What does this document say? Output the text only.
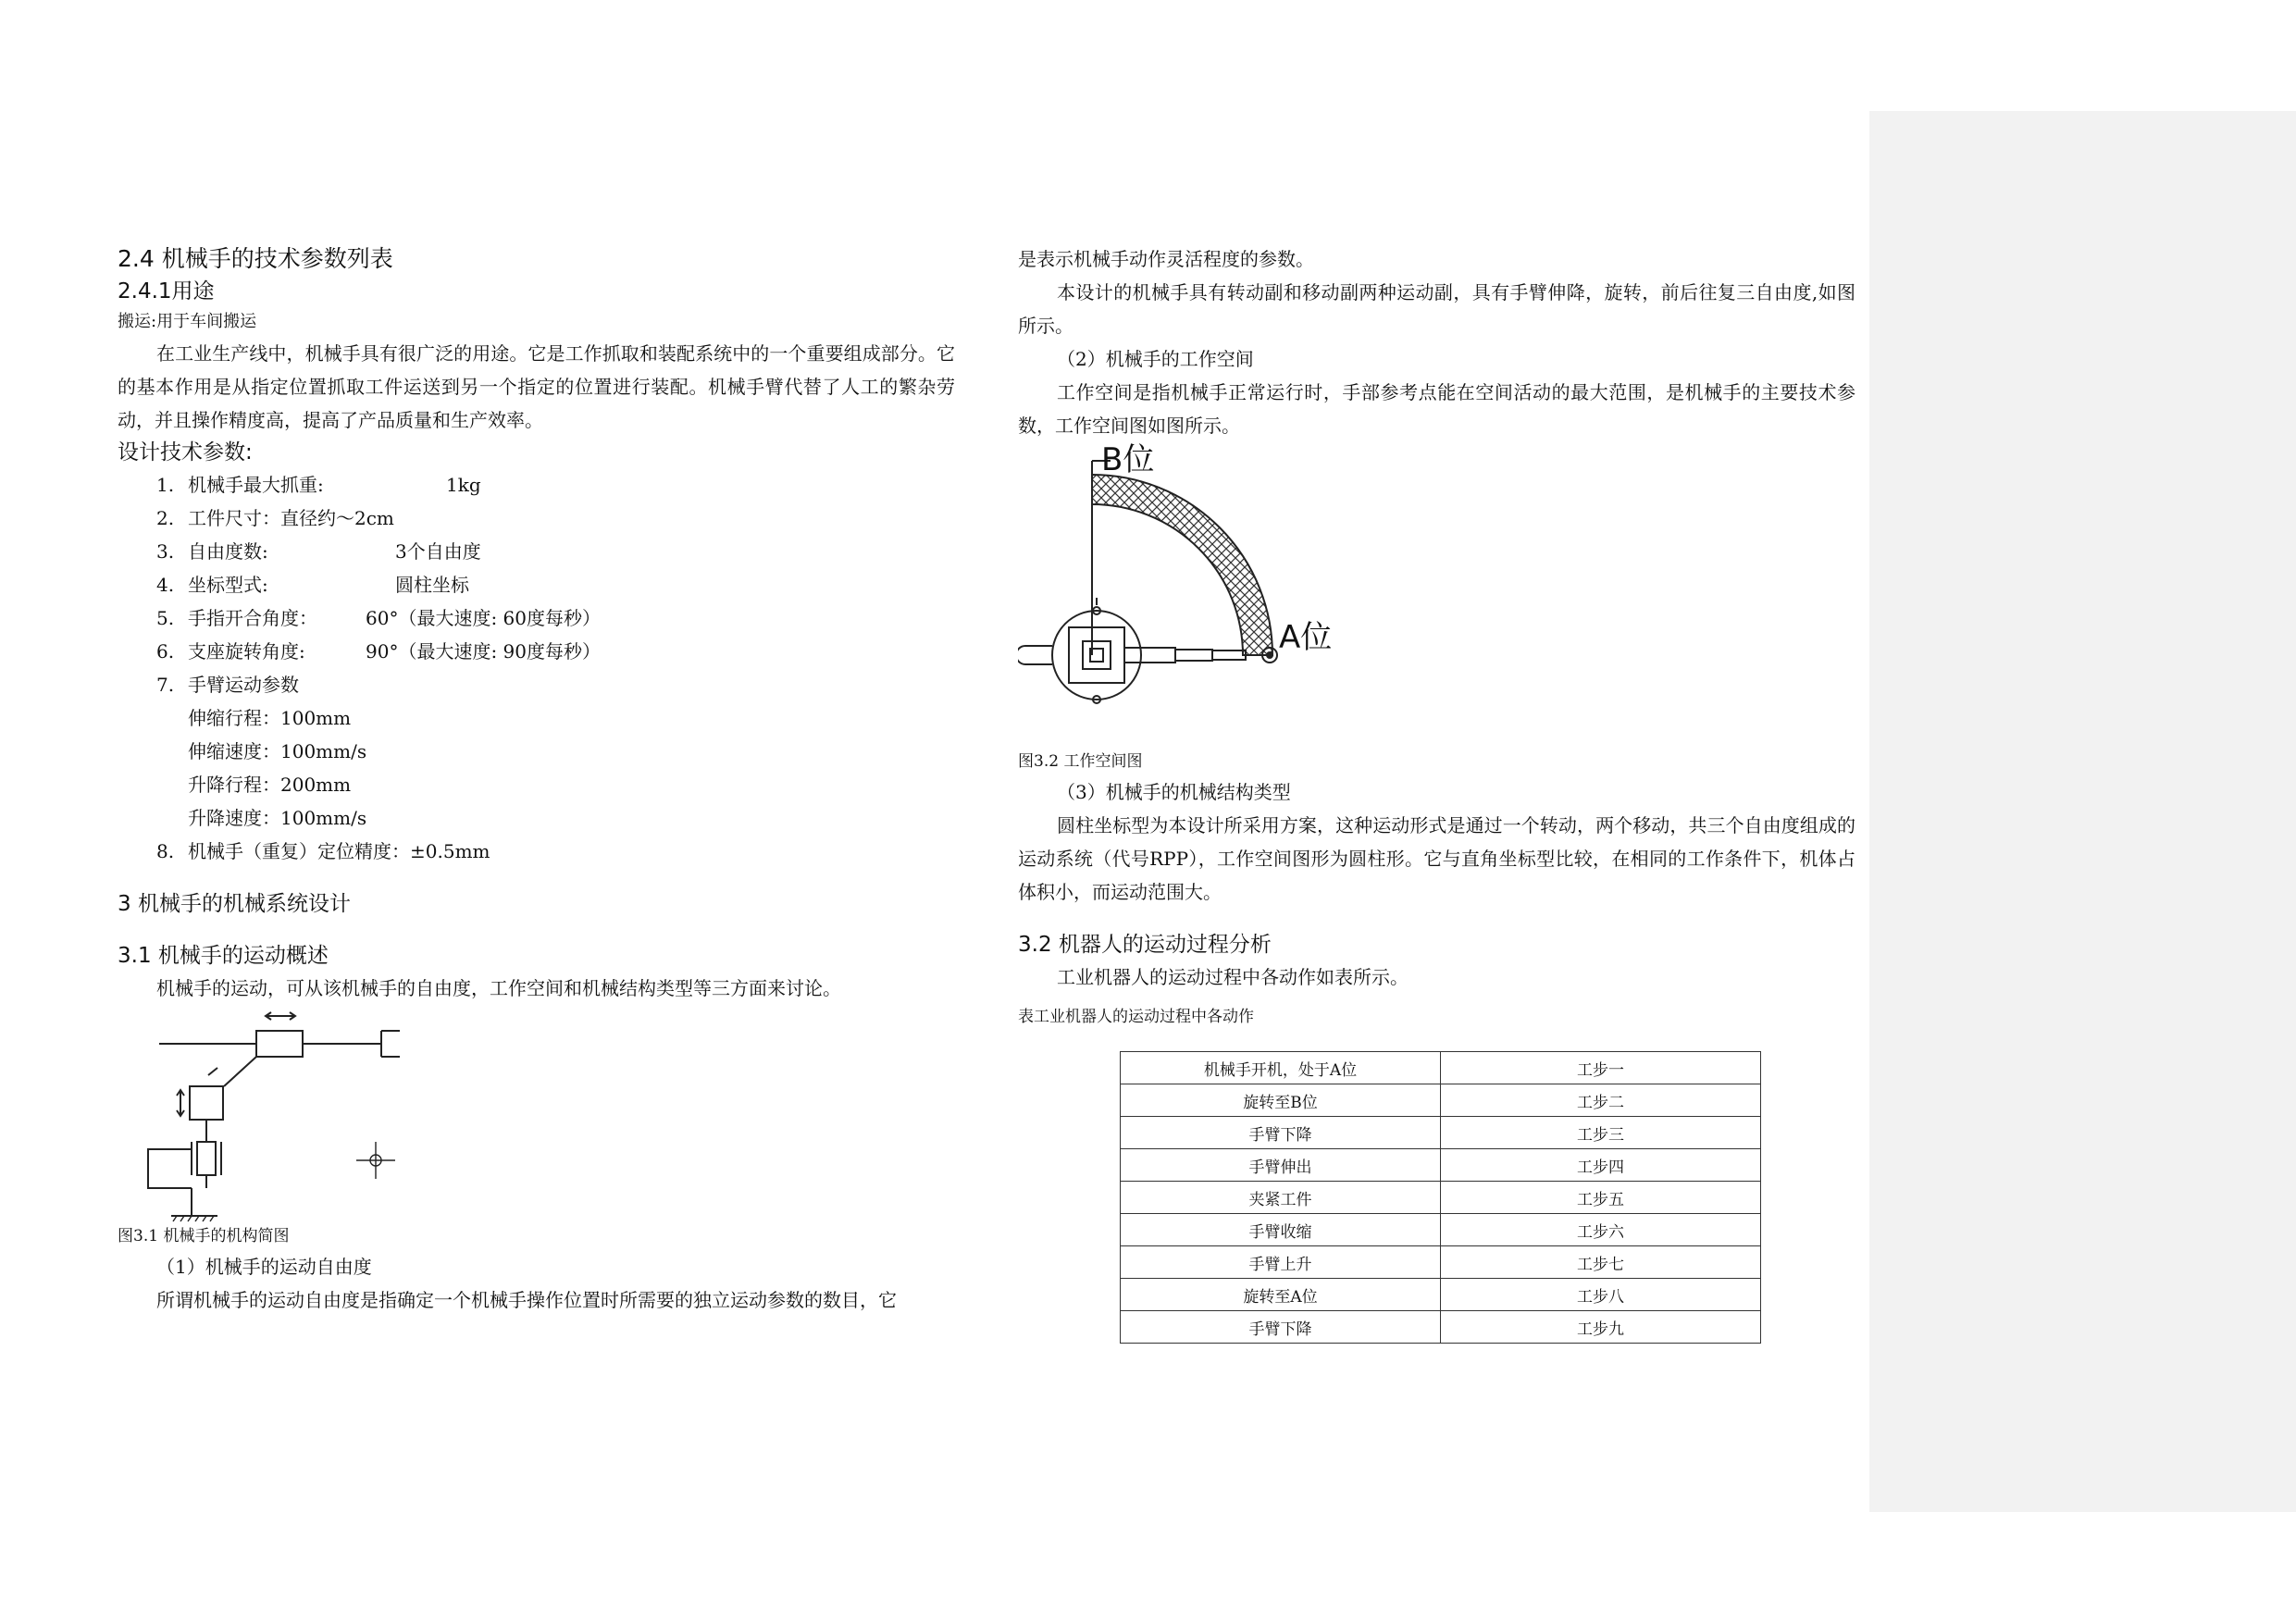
2.4 机械手的技术参数列表

2.4.1用途

搬运:用于车间搬运

在工业生产线中，机械手具有很广泛的用途。它是工作抓取和装配系统中的一个重要组成部分。它的基本作用是从指定位置抓取工件运送到另一个指定的位置进行装配。机械手臂代替了人工的繁杂劳动，并且操作精度高，提高了产品质量和生产效率。

设计技术参数:

1. 机械手最大抓重:	1kg
2. 工件尺寸：直径约～2cm
3. 自由度数:	3个自由度
4. 坐标型式:	圆柱坐标
5. 手指开合角度：	60°（最大速度: 60度每秒）
6. 支座旋转角度:	90°（最大速度: 90度每秒）
7. 手臂运动参数
伸缩行程：100mm
伸缩速度：100mm/s
升降行程：200mm
升降速度：100mm/s
8. 机械手（重复）定位精度：±0.5mm

3 机械手的机械系统设计

3.1 机械手的运动概述

机械手的运动，可从该机械手的自由度，工作空间和机械结构类型等三方面来讨论。

图3.1 机械手的机构简图

（1）机械手的运动自由度

所谓机械手的运动自由度是指确定一个机械手操作位置时所需要的独立运动参数的数目，它

是表示机械手动作灵活程度的参数。

本设计的机械手具有转动副和移动副两种运动副，具有手臂伸降，旋转，前后往复三自由度,如图所示。

（2）机械手的工作空间

工作空间是指机械手正常运行时，手部参考点能在空间活动的最大范围，是机械手的主要技术参数，工作空间图如图所示。

B位
A位

图3.2 工作空间图

（3）机械手的机械结构类型

圆柱坐标型为本设计所采用方案，这种运动形式是通过一个转动，两个移动，共三个自由度组成的运动系统（代号RPP），工作空间图形为圆柱形。它与直角坐标型比较，在相同的工作条件下，机体占体积小，而运动范围大。

3.2 机器人的运动过程分析

工业机器人的运动过程中各动作如表所示。

表工业机器人的运动过程中各动作

机械手开机，处于A位	工步一
旋转至B位	工步二
手臂下降	工步三
手臂伸出	工步四
夹紧工件	工步五
手臂收缩	工步六
手臂上升	工步七
旋转至A位	工步八
手臂下降	工步九
